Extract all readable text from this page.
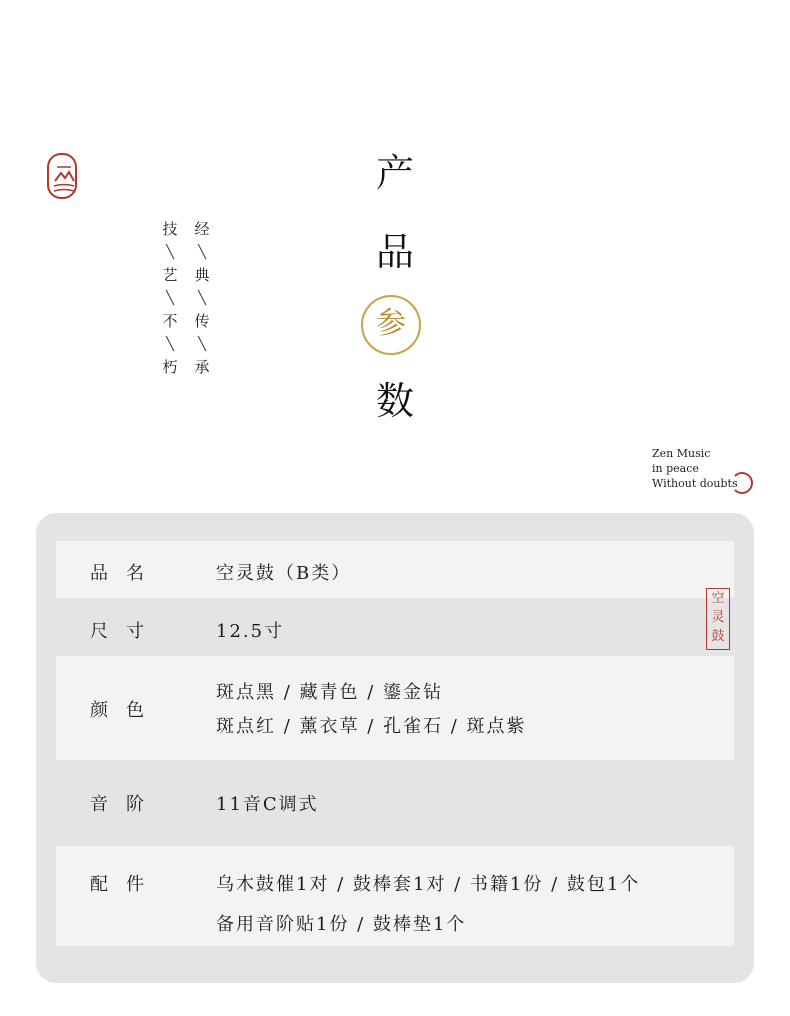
技
╲
艺
╲
不
╲
朽
经
╲
典
╲
传
╲
承
产
品
参
数
Zen Music
in peace
Without doubts
品名	空灵鼓（B类）
空
灵
鼓
尺寸	12.5寸
颜色
斑点黑 / 藏青色 / 鎏金钻
斑点红 / 薰衣草 / 孔雀石 / 斑点紫
音阶	11音C调式
配件	乌木鼓催1对 / 鼓棒套1对 / 书籍1份 / 鼓包1个
备用音阶贴1份 / 鼓棒垫1个
